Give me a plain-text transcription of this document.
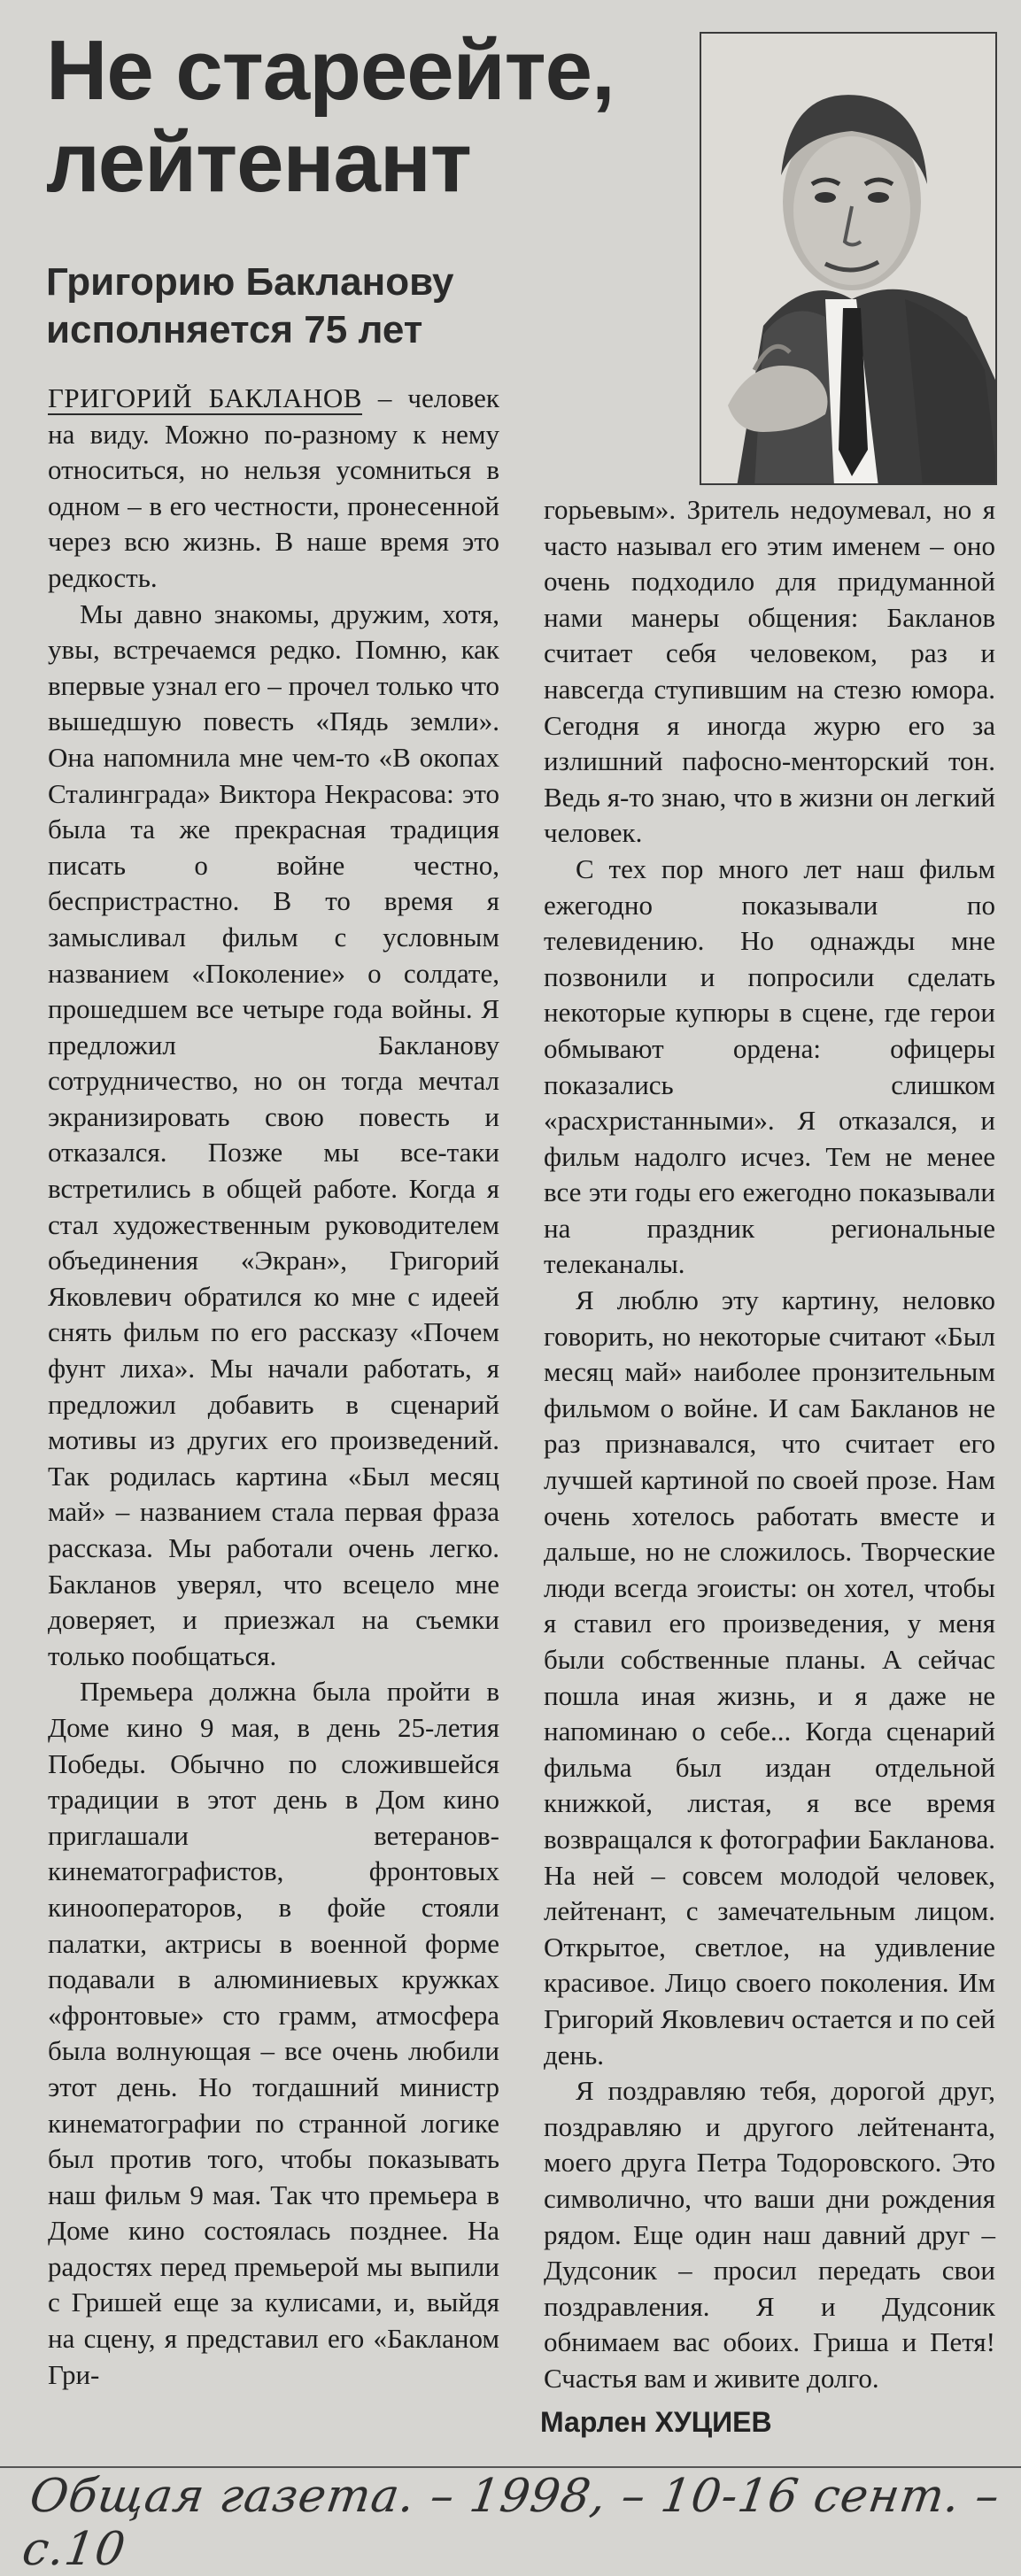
Не стареейте,
лейтенант
Григорию Бакланову
исполняется 75 лет

ГРИГОРИЙ БАКЛАНОВ – человек на виду. Можно по-разному к нему относиться, но нельзя усомниться в одном – в его честности, пронесенной через всю жизнь. В наше время это редкость.

Мы давно знакомы, дружим, хотя, увы, встречаемся редко. Помню, как впервые узнал его – прочел только что вышедшую повесть «Пядь земли». Она напомнила мне чем-то «В окопах Сталинграда» Виктора Некрасова: это была та же прекрасная традиция писать о войне честно, беспристрастно. В то время я замысливал фильм с условным названием «Поколение» о солдате, прошедшем все четыре года войны. Я предложил Бакланову сотрудничество, но он тогда мечтал экранизировать свою повесть и отказался. Позже мы все-таки встретились в общей работе. Когда я стал художественным руководителем объединения «Экран», Григорий Яковлевич обратился ко мне с идеей снять фильм по его рассказу «Почем фунт лиха». Мы начали работать, я предложил добавить в сценарий мотивы из других его произведений. Так родилась картина «Был месяц май» – названием стала первая фраза рассказа. Мы работали очень легко. Бакланов уверял, что всецело мне доверяет, и приезжал на съемки только пообщаться.

Премьера должна была пройти в Доме кино 9 мая, в день 25-летия Победы. Обычно по сложившейся традиции в этот день в Дом кино приглашали ветеранов-кинематографистов, фронтовых кинооператоров, в фойе стояли палатки, актрисы в военной форме подавали в алюминиевых кружках «фронтовые» сто грамм, атмосфера была волнующая – все очень любили этот день. Но тогдашний министр кинематографии по странной логике был против того, чтобы показывать наш фильм 9 мая. Так что премьера в Доме кино состоялась позднее. На радостях перед премьерой мы выпили с Гришей еще за кулисами, и, выйдя на сцену, я представил его «Бакланом Гри-

горьевым». Зритель недоумевал, но я часто называл его этим именем – оно очень подходило для придуманной нами манеры общения: Бакланов считает себя человеком, раз и навсегда ступившим на стезю юмора. Сегодня я иногда журю его за излишний пафосно-менторский тон. Ведь я-то знаю, что в жизни он легкий человек.

С тех пор много лет наш фильм ежегодно показывали по телевидению. Но однажды мне позвонили и попросили сделать некоторые купюры в сцене, где герои обмывают ордена: офицеры показались слишком «расхристанными». Я отказался, и фильм надолго исчез. Тем не менее все эти годы его ежегодно показывали на праздник региональные телеканалы.

Я люблю эту картину, неловко говорить, но некоторые считают «Был месяц май» наиболее пронзительным фильмом о войне. И сам Бакланов не раз признавался, что считает его лучшей картиной по своей прозе. Нам очень хотелось работать вместе и дальше, но не сложилось. Творческие люди всегда эгоисты: он хотел, чтобы я ставил его произведения, у меня были собственные планы. А сейчас пошла иная жизнь, и я даже не напоминаю о себе... Когда сценарий фильма был издан отдельной книжкой, листая, я все время возвращался к фотографии Бакланова. На ней – совсем молодой человек, лейтенант, с замечательным лицом. Открытое, светлое, на удивление красивое. Лицо своего поколения. Им Григорий Яковлевич остается и по сей день.

Я поздравляю тебя, дорогой друг, поздравляю и другого лейтенанта, моего друга Петра Тодоровского. Это символично, что ваши дни рождения рядом. Еще один наш давний друг – Дудсоник – просил передать свои поздравления. Я и Дудсоник обнимаем вас обоих. Гриша и Петя! Счастья вам и живите долго.

Марлен ХУЦИЕВ
Общая газета. – 1998, – 10-16 сент. – с.10
